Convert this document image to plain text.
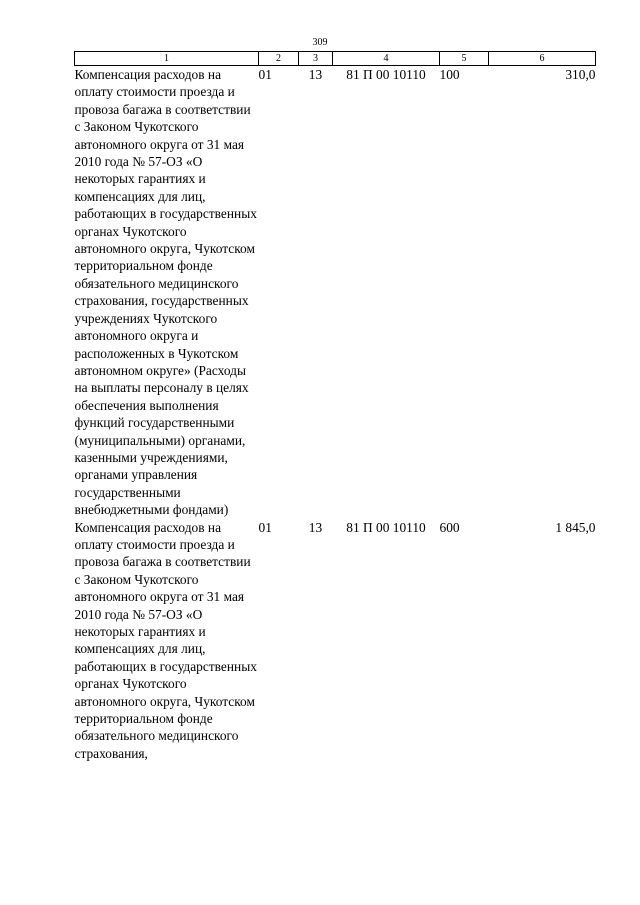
309
1	2	3	4	5	6
Компенсация расходов на оплату стоимости проезда и провоза багажа в соответствии с Законом Чукотского автономного округа от 31 мая 2010 года № 57-ОЗ «О некоторых гарантиях и компенсациях для лиц, работающих в государственных органах Чукотского автономного округа, Чукотском территориальном фонде обязательного медицинского страхования, государственных учреждениях Чукотского автономного округа и расположенных в Чукотском автономном округе» (Расходы на выплаты персоналу в целях обеспечения выполнения функций государственными (муниципальными) органами, казенными учреждениями, органами управления государственными внебюджетными фондами)	01	13	81 П 00 10110	100	310,0
Компенсация расходов на оплату стоимости проезда и провоза багажа в соответствии с Законом Чукотского автономного округа от 31 мая 2010 года № 57-ОЗ «О некоторых гарантиях и компенсациях для лиц, работающих в государственных органах Чукотского автономного округа, Чукотском территориальном фонде обязательного медицинского страхования,	01	13	81 П 00 10110	600	1 845,0
